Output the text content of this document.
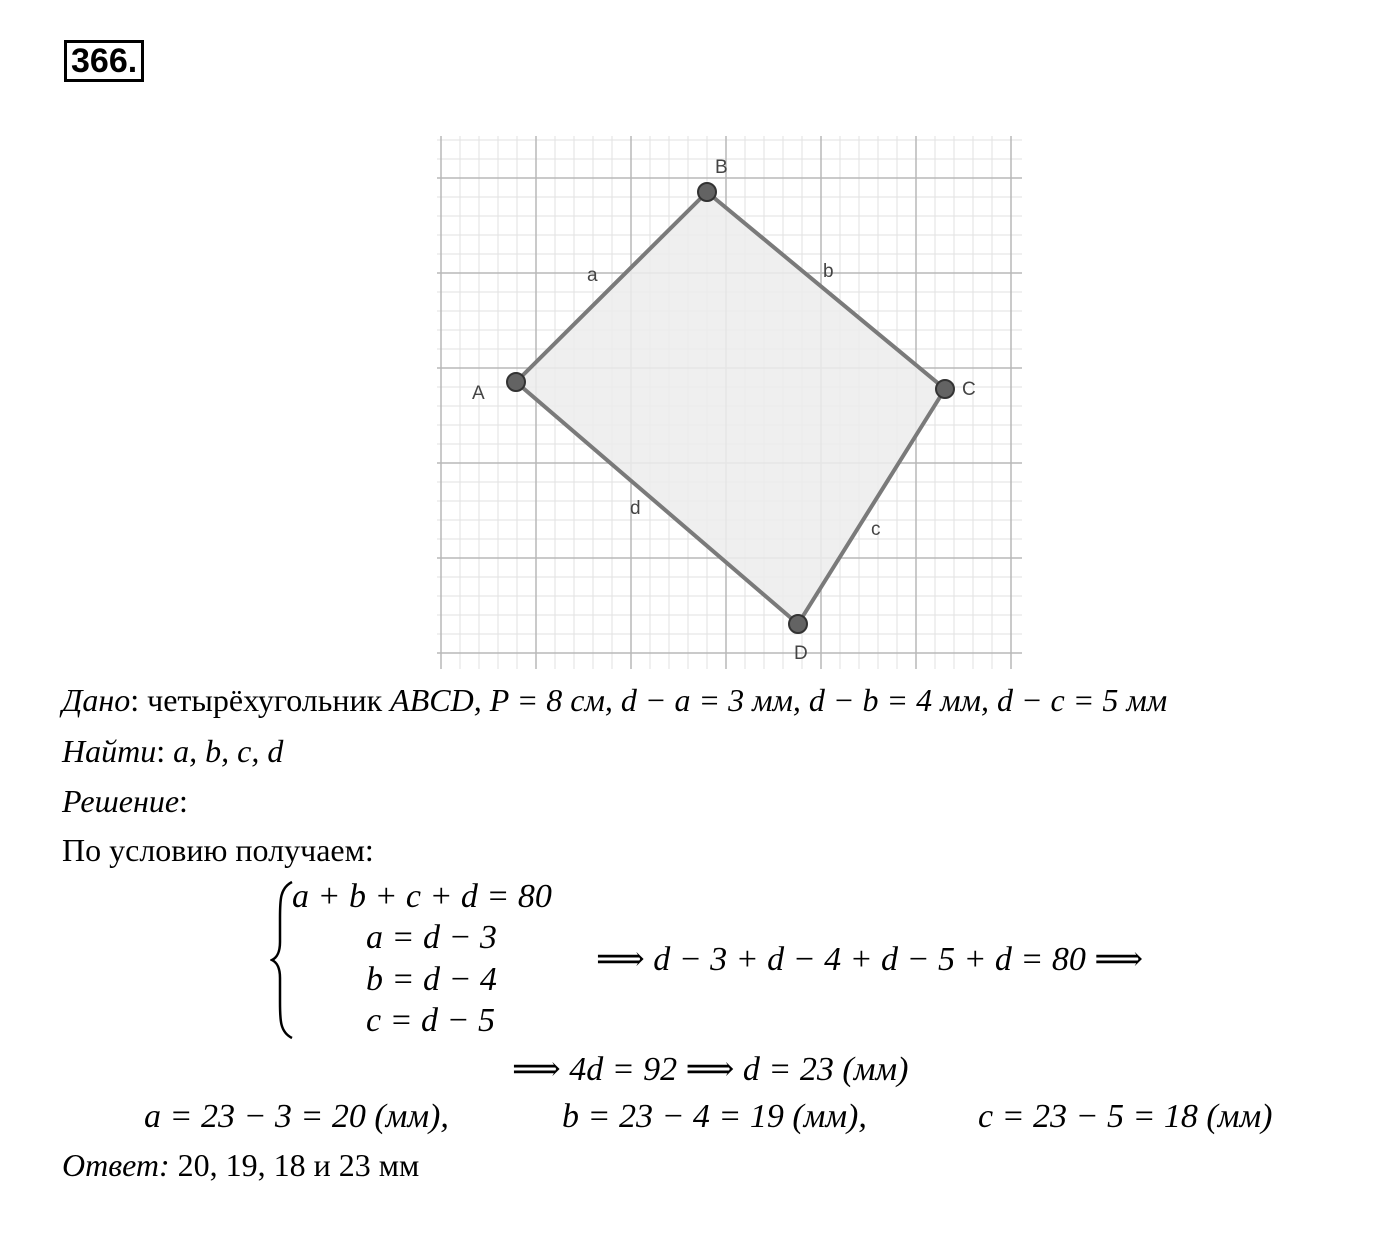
366.
A
B
C
D
a	b
c
d
Дано: четырёхугольник ABCD, P = 8 см, d − a = 3 мм, d − b = 4 мм, d − c = 5 мм
Найти: a, b, c, d
Решение:
По условию получаем:
a + b + c + d = 80
a = d − 3
b = d − 4
c = d − 5
⟹ d − 3 + d − 4 + d − 5 + d = 80 ⟹
⟹ 4d = 92 ⟹ d = 23 (мм)
a = 23 − 3 = 20 (мм),	b = 23 − 4 = 19 (мм),	c = 23 − 5 = 18 (мм)
Ответ: 20, 19, 18 и 23 мм
